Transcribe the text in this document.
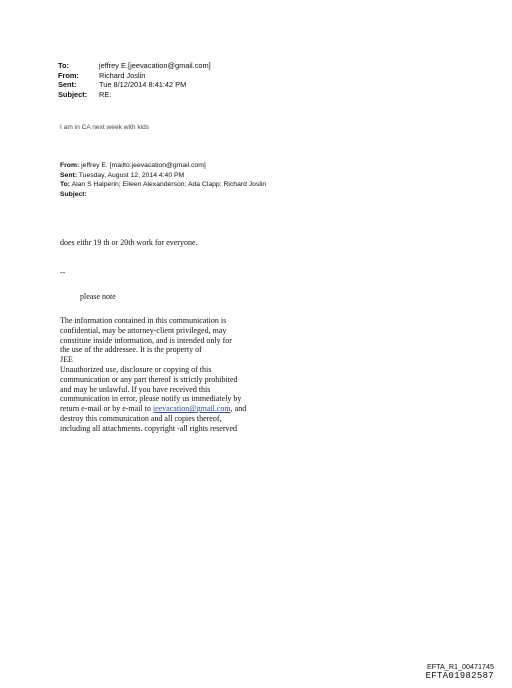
To:	jeffrey E.[jeevacation@gmail.com]
From:	Richard Joslin
Sent:	Tue 8/12/2014 8:41:42 PM
Subject:	RE:
I am in CA next week with kids
From: jeffrey E. [mailto:jeevacation@gmail.com]
Sent: Tuesday, August 12, 2014 4:40 PM
To: Alan S Halperin; Eileen Alexanderson; Ada Clapp; Richard Joslin
Subject:
does eithr 19 th or 20th work for everyone.
--
please note
The information contained in this communication is
confidential, may be attorney-client privileged, may
constitute inside information, and is intended only for
the use of the addressee. It is the property of
JEE
Unauthorized use, disclosure or copying of this
communication or any part thereof is strictly prohibited
and may be unlawful. If you have received this
communication in error, please notify us immediately by
return e-mail or by e-mail to jeevacation@gmail.com, and
destroy this communication and all copies thereof,
including all attachments. copyright -all rights reserved
EFTA_R1_00471745
EFTA01982587
